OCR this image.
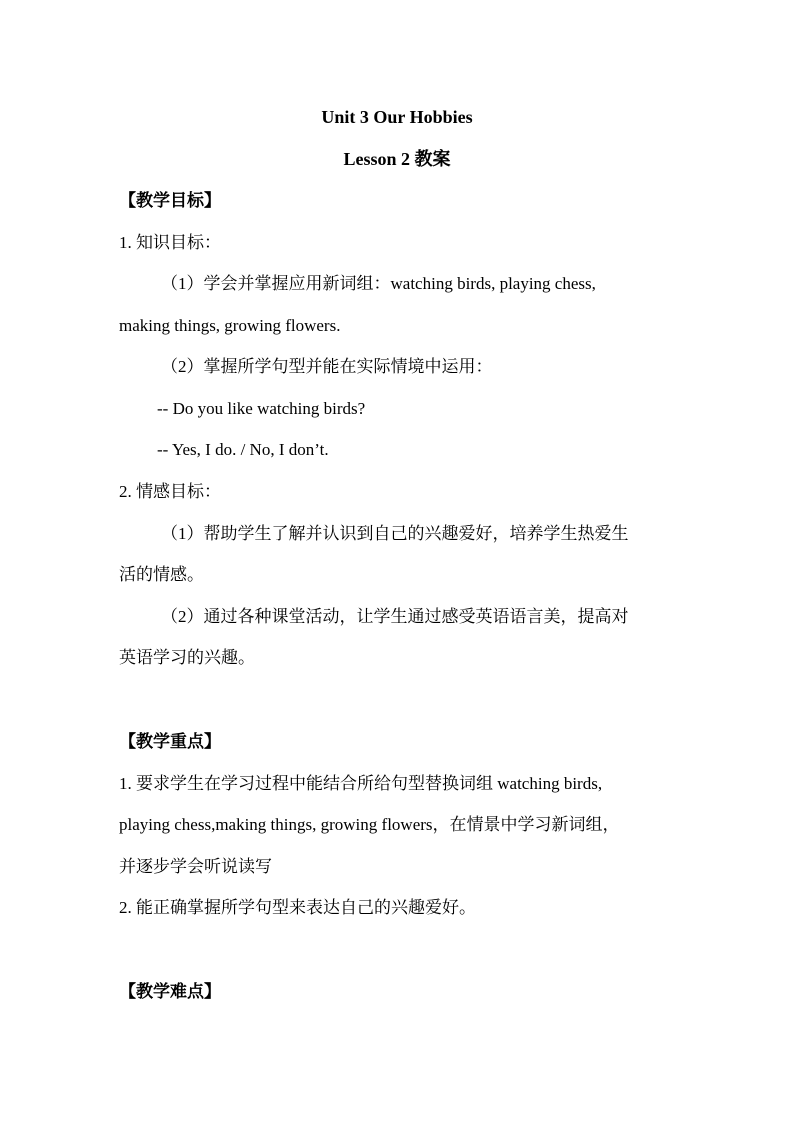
Unit 3 Our Hobbies
Lesson 2 教案
【教学目标】
1. 知识目标：
（1）学会并掌握应用新词组：watching birds, playing chess,
making things, growing flowers.
（2）掌握所学句型并能在实际情境中运用：
-- Do you like watching birds?
-- Yes, I do. / No, I don’t.
2. 情感目标：
（1）帮助学生了解并认识到自己的兴趣爱好，培养学生热爱生
活的情感。
（2）通过各种课堂活动，让学生通过感受英语语言美，提高对
英语学习的兴趣。
【教学重点】
1. 要求学生在学习过程中能结合所给句型替换词组 watching birds,
playing chess,making things, growing flowers，在情景中学习新词组，
并逐步学会听说读写
2. 能正确掌握所学句型来表达自己的兴趣爱好。
【教学难点】
